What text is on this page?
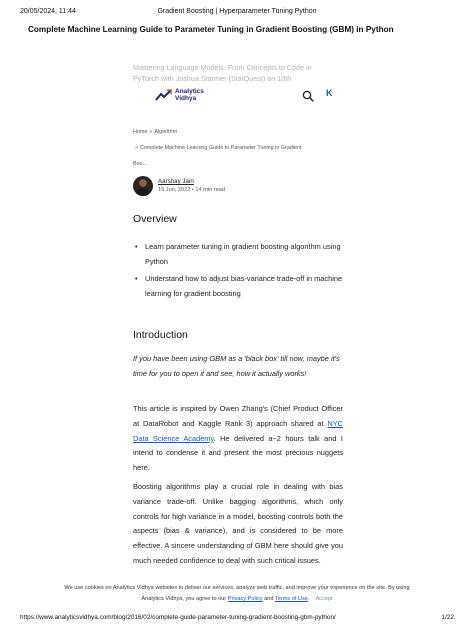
20/05/2024, 11:44	Gradient Boosting | Hyperparameter Tuning Python
Complete Machine Learning Guide to Parameter Tuning in Gradient Boosting (GBM) in Python
Mastering Language Models: From Concepts to Code in
PyTorch with Joshua Starmer (StatQuest) on 10th
Analytics
Vidhya
K
Home » Algorithm
» Complete Machine Learning Guide to Parameter Tuning in Gradient
Boo...
Aarshay Jain
15 Jun, 2022 • 14 min read
Overview
• Learn parameter tuning in gradient boosting algorithm using Python
• Understand how to adjust bias-variance trade-off in machine learning for gradient boosting
Introduction

If you have been using GBM as a 'black box' till now, maybe it's time for you to open it and see, how it actually works!

This article is inspired by Owen Zhang's (Chief Product Officer at DataRobot and Kaggle Rank 3) approach shared at NYC Data Science Academy. He delivered a~2 hours talk and I intend to condense it and present the most precious nuggets here.

Boosting algorithms play a crucial role in dealing with bias variance trade-off. Unlike bagging algorithms, which only controls for high variance in a model, boosting controls both the aspects (bias & variance), and is considered to be more effective. A sincere understanding of GBM here should give you much needed confidence to deal with such critical issues.

We use cookies on Analytics Vidhya websites to deliver our services, analyze web traffic, and improve your experience on the site. By using
Analytics Vidhya, you agree to our Privacy Policy and Terms of Use. Accept
https://www.analyticsvidhya.com/blog/2016/02/complete-guide-parameter-tuning-gradient-boosting-gbm-python/	1/22
